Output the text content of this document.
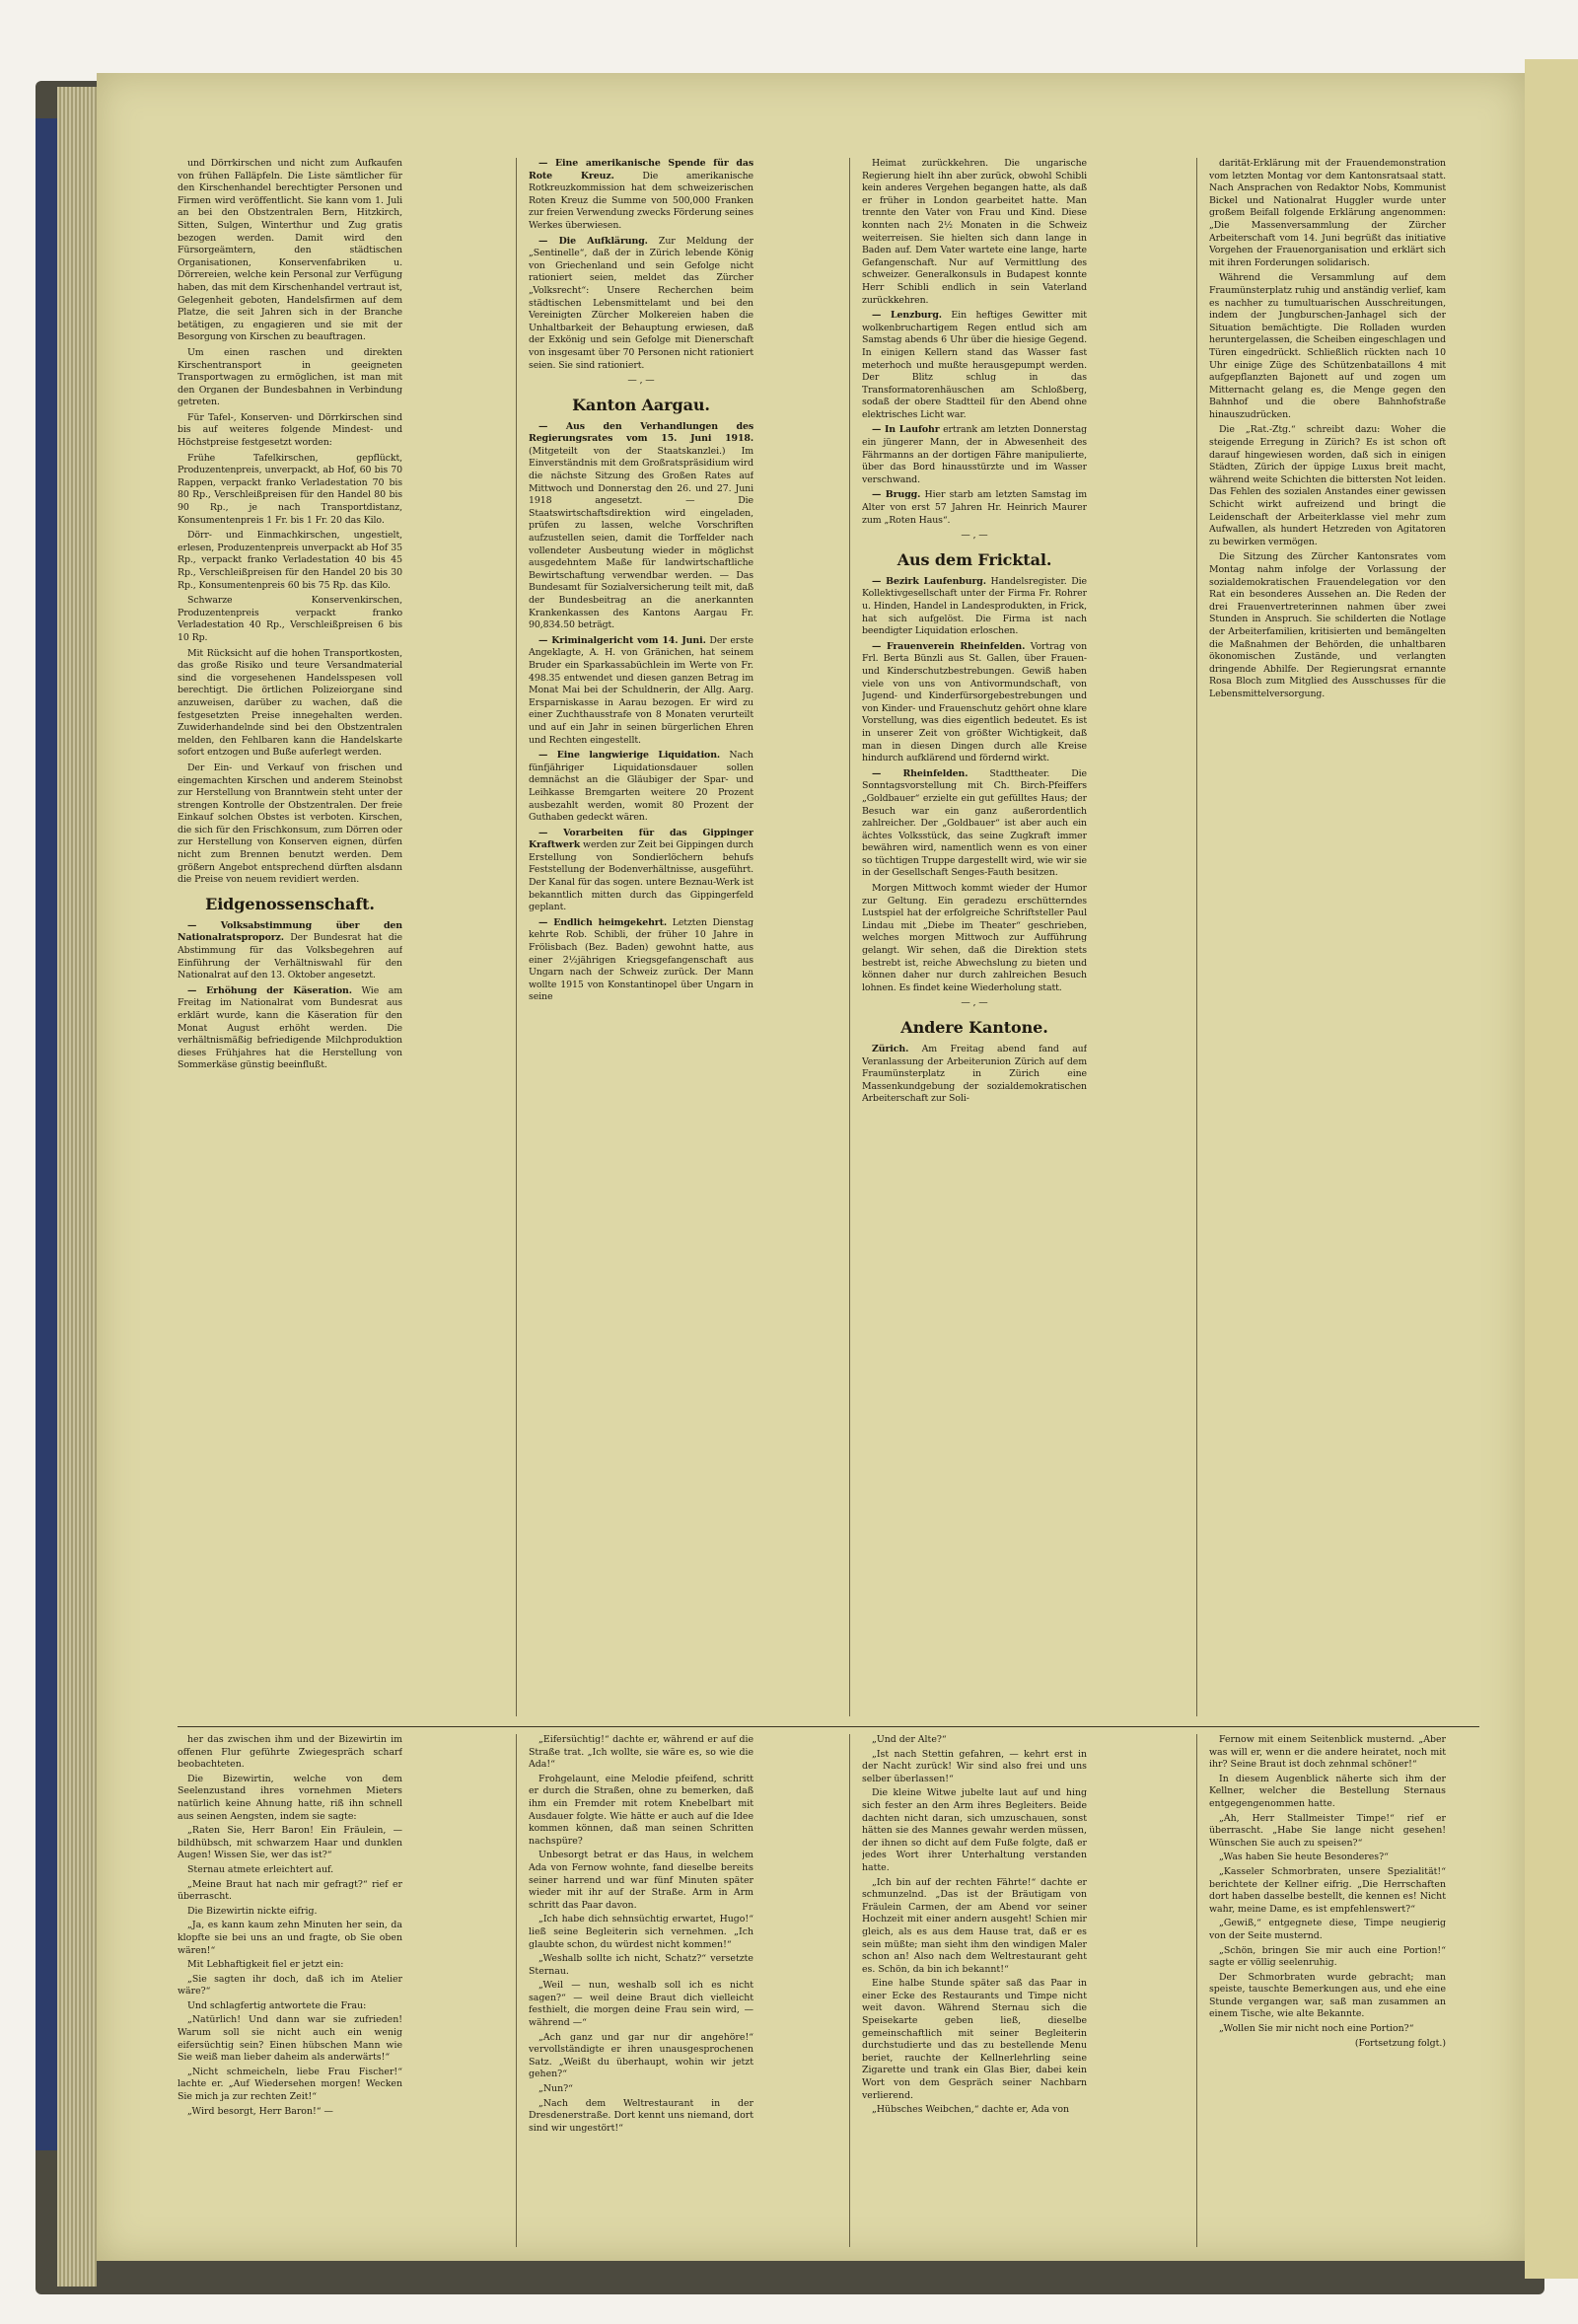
und Dörrkirschen und nicht zum Aufkaufen von frühen Falläpfeln. Die Liste sämtlicher für den Kirschenhandel berechtigter Personen und Firmen wird veröffentlicht. Sie kann vom 1. Juli an bei den Obstzentralen Bern, Hitzkirch, Sitten, Sulgen, Winterthur und Zug gratis bezogen werden. Damit wird den Fürsorgeämtern, den städtischen Organisationen, Konservenfabriken u. Dörrereien, welche kein Personal zur Verfügung haben, das mit dem Kirschenhandel vertraut ist, Gelegenheit geboten, Handelsfirmen auf dem Platze, die seit Jahren sich in der Branche betätigen, zu engagieren und sie mit der Besorgung von Kirschen zu beauftragen.

Um einen raschen und direkten Kirschentransport in geeigneten Transportwagen zu ermöglichen, ist man mit den Organen der Bundesbahnen in Verbindung getreten.

Für Tafel-, Konserven- und Dörrkirschen sind bis auf weiteres folgende Mindest- und Höchstpreise festgesetzt worden:

Frühe Tafelkirschen, gepflückt, Produzentenpreis, unverpackt, ab Hof, 60 bis 70 Rappen, verpackt franko Verladestation 70 bis 80 Rp., Verschleißpreisen für den Handel 80 bis 90 Rp., je nach Transportdistanz, Konsumentenpreis 1 Fr. bis 1 Fr. 20 das Kilo.

Dörr- und Einmachkirschen, ungestielt, erlesen, Produzentenpreis unverpackt ab Hof 35 Rp., verpackt franko Verladestation 40 bis 45 Rp., Verschleißpreisen für den Handel 20 bis 30 Rp., Konsumentenpreis 60 bis 75 Rp. das Kilo.

Schwarze Konservenkirschen, Produzentenpreis verpackt franko Verladestation 40 Rp., Verschleißpreisen 6 bis 10 Rp.

Mit Rücksicht auf die hohen Transportkosten, das große Risiko und teure Versandmaterial sind die vorgesehenen Handelsspesen voll berechtigt. Die örtlichen Polizeiorgane sind anzuweisen, darüber zu wachen, daß die festgesetzten Preise innegehalten werden. Zuwiderhandelnde sind bei den Obstzentralen melden, den Fehlbaren kann die Handelskarte sofort entzogen und Buße auferlegt werden.

Der Ein- und Verkauf von frischen und eingemachten Kirschen und anderem Steinobst zur Herstellung von Branntwein steht unter der strengen Kontrolle der Obstzentralen. Der freie Einkauf solchen Obstes ist verboten. Kirschen, die sich für den Frischkonsum, zum Dörren oder zur Herstellung von Konserven eignen, dürfen nicht zum Brennen benutzt werden. Dem größern Angebot entsprechend dürften alsdann die Preise von neuem revidiert werden.

Eidgenossenschaft.

— Volksabstimmung über den Nationalratsproporz. Der Bundesrat hat die Abstimmung für das Volksbegehren auf Einführung der Verhältniswahl für den Nationalrat auf den 13. Oktober angesetzt.

— Erhöhung der Käseration. Wie am Freitag im Nationalrat vom Bundesrat aus erklärt wurde, kann die Käseration für den Monat August erhöht werden. Die verhältnismäßig befriedigende Milchproduktion dieses Frühjahres hat die Herstellung von Sommerkäse günstig beeinflußt.

— Eine amerikanische Spende für das Rote Kreuz.	Die amerikanische Rotkreuzkommission hat dem schweizerischen Roten Kreuz die Summe von 500,000 Franken zur freien Verwendung zwecks Förderung seines Werkes überwiesen.

— Die Aufklärung. Zur Meldung der „Sentinelle“, daß der in Zürich lebende König von Griechenland und sein Gefolge nicht rationiert seien, meldet das Zürcher „Volksrecht“: Unsere Recherchen beim städtischen Lebensmittelamt und bei den Vereinigten Zürcher Molkereien haben die Unhaltbarkeit der Behauptung erwiesen, daß der Exkönig und sein Gefolge mit Dienerschaft von insgesamt über 70 Personen nicht rationiert seien. Sie sind rationiert.

— ‚ —

Kanton Aargau.

— Aus den Verhandlungen des Regierungsrates vom 15. Juni 1918. (Mitgeteilt von der Staatskanzlei.) Im Einverständnis mit dem Großratspräsidium wird die nächste Sitzung des Großen Rates auf Mittwoch und Donnerstag den 26. und 27. Juni 1918 angesetzt. — Die Staatswirtschaftsdirektion wird eingeladen, prüfen zu lassen, welche Vorschriften aufzustellen seien, damit die Torffelder nach vollendeter Ausbeutung wieder in möglichst ausgedehntem Maße für landwirtschaftliche Bewirtschaftung verwendbar werden. — Das Bundesamt für Sozialversicherung teilt mit, daß der Bundesbeitrag an die anerkannten Krankenkassen des Kantons Aargau Fr. 90,834.50 beträgt.

— Kriminalgericht vom 14. Juni. Der erste Angeklagte, A. H. von Gränichen, hat seinem Bruder ein Sparkassabüchlein im Werte von Fr. 498.35 entwendet und diesen ganzen Betrag im Monat Mai bei der Schuldnerin, der Allg. Aarg. Ersparniskasse in Aarau bezogen. Er wird zu einer Zuchthausstrafe von 8 Monaten verurteilt und auf ein Jahr in seinen bürgerlichen Ehren und Rechten eingestellt.

— Eine langwierige Liquidation. Nach fünfjähriger Liquidationsdauer sollen demnächst an die Gläubiger der Spar- und Leihkasse Bremgarten weitere 20 Prozent ausbezahlt werden, womit 80 Prozent der Guthaben gedeckt wären.

— Vorarbeiten für das Gippinger Kraftwerk werden zur Zeit bei Gippingen durch Erstellung von Sondierlöchern behufs Feststellung der Bodenverhältnisse, ausgeführt. Der Kanal für das sogen. untere Beznau-Werk ist bekanntlich mitten durch das Gippingerfeld geplant.

— Endlich heimgekehrt. Letzten Dienstag kehrte Rob. Schibli, der früher 10 Jahre in Frölisbach (Bez. Baden) gewohnt hatte, aus einer 2½jährigen Kriegsgefangenschaft aus Ungarn nach der Schweiz zurück. Der Mann wollte 1915 von Konstantinopel über Ungarn in seine

Heimat zurückkehren. Die ungarische Regierung hielt ihn aber zurück, obwohl Schibli kein anderes Vergehen begangen hatte, als daß er früher in London gearbeitet hatte. Man trennte den Vater von Frau und Kind. Diese konnten nach 2½ Monaten in die Schweiz weiterreisen. Sie hielten sich dann lange in Baden auf. Dem Vater wartete eine lange, harte Gefangenschaft. Nur auf Vermittlung des schweizer. Generalkonsuls in Budapest konnte Herr Schibli endlich in sein Vaterland zurückkehren.

— Lenzburg. Ein heftiges Gewitter mit wolkenbruchartigem Regen entlud sich am Samstag abends 6 Uhr über die hiesige Gegend. In einigen Kellern stand das Wasser fast meterhoch und mußte herausgepumpt werden. Der Blitz schlug in das Transformatorenhäuschen am Schloßberg, sodaß der obere Stadtteil für den Abend ohne elektrisches Licht war.

— In Laufohr ertrank am letzten Donnerstag ein jüngerer Mann, der in Abwesenheit des Fährmanns an der dortigen Fähre manipulierte, über das Bord hinausstürzte und im Wasser verschwand.

— Brugg. Hier starb am letzten Samstag im Alter von erst 57 Jahren Hr. Heinrich Maurer zum „Roten Haus“.

— ‚ —

Aus dem Fricktal.

— Bezirk Laufenburg. Handelsregister. Die Kollektivgesellschaft unter der Firma Fr. Rohrer u. Hinden, Handel in Landesprodukten, in Frick, hat sich aufgelöst. Die Firma ist nach beendigter Liquidation erloschen.

— Frauenverein Rheinfelden. Vortrag von Frl. Berta Bünzli aus St. Gallen, über Frauen- und Kinderschutzbestrebungen. Gewiß haben viele von uns von Antivormundschaft, von Jugend- und Kinderfürsorgebestrebungen und von Kinder- und Frauenschutz gehört ohne klare Vorstellung, was dies eigentlich bedeutet. Es ist in unserer Zeit von größter Wichtigkeit, daß man in diesen Dingen durch alle Kreise hindurch aufklärend und fördernd wirkt.

— Rheinfelden. Stadttheater. Die Sonntagsvorstellung mit Ch. Birch-Pfeiffers „Goldbauer“ erzielte ein gut gefülltes Haus; der Besuch war ein ganz außerordentlich zahlreicher. Der „Goldbauer“ ist aber auch ein ächtes Volksstück, das seine Zugkraft immer bewähren wird, namentlich wenn es von einer so tüchtigen Truppe dargestellt wird, wie wir sie in der Gesellschaft Senges-Fauth besitzen.

Morgen Mittwoch kommt wieder der Humor zur Geltung. Ein geradezu erschütterndes Lustspiel hat der erfolgreiche Schriftsteller Paul Lindau mit „Diebe im Theater“ geschrieben, welches morgen Mittwoch zur Aufführung gelangt. Wir sehen, daß die Direktion stets bestrebt ist, reiche Abwechslung zu bieten und können daher nur durch zahlreichen Besuch lohnen. Es findet keine Wiederholung statt.

— ‚ —

Andere Kantone.

Zürich. Am Freitag abend fand auf Veranlassung der Arbeiterunion Zürich auf dem Fraumünsterplatz in Zürich eine Massenkundgebung der sozialdemokratischen Arbeiterschaft zur Soli-

darität-Erklärung mit der Frauendemonstration vom letzten Montag vor dem Kantonsratsaal statt. Nach Ansprachen von Redaktor Nobs, Kommunist Bickel und Nationalrat Huggler wurde unter großem Beifall folgende Erklärung angenommen: „Die Massenversammlung der Zürcher Arbeiterschaft vom 14. Juni begrüßt das initiative Vorgehen der Frauenorganisation und erklärt sich mit ihren Forderungen solidarisch.

Während die Versammlung auf dem Fraumünsterplatz ruhig und anständig verlief, kam es nachher zu tumultuarischen Ausschreitungen, indem der Jungburschen-Janhagel sich der Situation bemächtigte. Die Rolladen wurden heruntergelassen, die Scheiben eingeschlagen und Türen eingedrückt. Schließlich rückten nach 10 Uhr einige Züge des Schützenbataillons 4 mit aufgepflanzten Bajonett auf und zogen um Mitternacht gelang es, die Menge gegen den Bahnhof und die obere Bahnhofstraße hinauszudrücken.

Die „Rat.-Ztg.“ schreibt dazu: Woher die steigende Erregung in Zürich? Es ist schon oft darauf hingewiesen worden, daß sich in einigen Städten, Zürich der üppige Luxus breit macht, während weite Schichten die bittersten Not leiden. Das Fehlen des sozialen Anstandes einer gewissen Schicht wirkt aufreizend und bringt die Leidenschaft der Arbeiterklasse viel mehr zum Aufwallen, als hundert Hetzreden von Agitatoren zu bewirken vermögen.

Die Sitzung des Zürcher Kantonsrates vom Montag nahm infolge der Vorlassung der sozialdemokratischen Frauendelegation vor den Rat ein besonderes Aussehen an. Die Reden der drei Frauenvertreterinnen nahmen über zwei Stunden in Anspruch. Sie schilderten die Notlage der Arbeiterfamilien, kritisierten und bemängelten die Maßnahmen der Behörden, die unhaltbaren ökonomischen Zustände, und verlangten dringende Abhilfe. Der Regierungsrat ernannte Rosa Bloch zum Mitglied des Ausschusses für die Lebensmittelversorgung.

her das zwischen ihm und der Bizewirtin im offenen Flur geführte Zwiegespräch scharf beobachteten.

Die Bizewirtin, welche von dem Seelenzustand ihres vornehmen Mieters natürlich keine Ahnung hatte, riß ihn schnell aus seinen Aengsten, indem sie sagte:

„Raten Sie, Herr Baron! Ein Fräulein, — bildhübsch, mit schwarzem Haar und dunklen Augen! Wissen Sie, wer das ist?“

Sternau atmete erleichtert auf.

„Meine Braut hat nach mir gefragt?“ rief er überrascht.

Die Bizewirtin nickte eifrig.

„Ja, es kann kaum zehn Minuten her sein, da klopfte sie bei uns an und fragte, ob Sie oben wären!“

Mit Lebhaftigkeit fiel er jetzt ein:

„Sie sagten ihr doch, daß ich im Atelier wäre?“

Und schlagfertig antwortete die Frau:

„Natürlich! Und dann war sie zufrieden! Warum soll sie nicht auch ein wenig eifersüchtig sein? Einen hübschen Mann wie Sie weiß man lieber daheim als anderwärts!“

„Nicht schmeicheln, liebe Frau Fischer!“ lachte er. „Auf Wiedersehen morgen! Wecken Sie mich ja zur rechten Zeit!“

„Wird besorgt, Herr Baron!“ —

„Eifersüchtig!“ dachte er, während er auf die Straße trat. „Ich wollte, sie wäre es, so wie die Ada!“

Frohgelaunt, eine Melodie pfeifend, schritt er durch die Straßen, ohne zu bemerken, daß ihm ein Fremder mit rotem Knebelbart mit Ausdauer folgte. Wie hätte er auch auf die Idee kommen können, daß man seinen Schritten nachspüre?

Unbesorgt betrat er das Haus, in welchem Ada von Fernow wohnte, fand dieselbe bereits seiner harrend und war fünf Minuten später wieder mit ihr auf der Straße. Arm in Arm schritt das Paar davon.

„Ich habe dich sehnsüchtig erwartet, Hugo!“ ließ seine Begleiterin sich vernehmen. „Ich glaubte schon, du würdest nicht kommen!“

„Weshalb sollte ich nicht, Schatz?“ versetzte Sternau.

„Weil — nun, weshalb soll ich es nicht sagen?“ — weil deine Braut dich vielleicht festhielt, die morgen deine Frau sein wird, — während —“

„Ach ganz und gar nur dir angehöre!“ vervollständigte er ihren unausgesprochenen Satz. „Weißt du überhaupt, wohin wir jetzt gehen?“

„Nun?“

„Nach dem Weltrestaurant in der Dresdenerstraße. Dort kennt uns niemand, dort sind wir ungestört!“

„Und der Alte?“

„Ist nach Stettin gefahren, — kehrt erst in der Nacht zurück! Wir sind also frei und uns selber überlassen!“

Die kleine Witwe jubelte laut auf und hing sich fester an den Arm ihres Begleiters. Beide dachten nicht daran, sich umzuschauen, sonst hätten sie des Mannes gewahr werden müssen, der ihnen so dicht auf dem Fuße folgte, daß er jedes Wort ihrer Unterhaltung verstanden hatte.

„Ich bin auf der rechten Fährte!“ dachte er schmunzelnd. „Das ist der Bräutigam von Fräulein Carmen, der am Abend vor seiner Hochzeit mit einer andern ausgeht! Schien mir gleich, als es aus dem Hause trat, daß er es sein müßte; man sieht ihm den windigen Maler schon an! Also nach dem Weltrestaurant geht es. Schön, da bin ich bekannt!“

Eine halbe Stunde später saß das Paar in einer Ecke des Restaurants und Timpe nicht weit davon. Während Sternau sich die Speisekarte geben ließ, dieselbe gemeinschaftlich mit seiner Begleiterin durchstudierte und das zu bestellende Menu beriet, rauchte der Kellnerlehrling seine Zigarette und trank ein Glas Bier, dabei kein Wort von dem Gespräch seiner Nachbarn verlierend.

„Hübsches Weibchen,“ dachte er, Ada von

Fernow mit einem Seitenblick musternd. „Aber was will er, wenn er die andere heiratet, noch mit ihr? Seine Braut ist doch zehnmal schöner!“

In diesem Augenblick näherte sich ihm der Kellner, welcher die Bestellung Sternaus entgegengenommen hatte.

„Ah, Herr Stallmeister Timpe!“ rief er überrascht. „Habe Sie lange nicht gesehen! Wünschen Sie auch zu speisen?“

„Was haben Sie heute Besonderes?“

„Kasseler Schmorbraten, unsere Spezialität!“ berichtete der Kellner eifrig. „Die Herrschaften dort haben dasselbe bestellt, die kennen es! Nicht wahr, meine Dame, es ist empfehlenswert?“

„Gewiß,“ entgegnete diese, Timpe neugierig von der Seite musternd.

„Schön, bringen Sie mir auch eine Portion!“ sagte er völlig seelenruhig.

Der Schmorbraten wurde gebracht; man speiste, tauschte Bemerkungen aus, und ehe eine Stunde vergangen war, saß man zusammen an einem Tische, wie alte Bekannte.

„Wollen Sie mir nicht noch eine Portion?“

(Fortsetzung folgt.)
